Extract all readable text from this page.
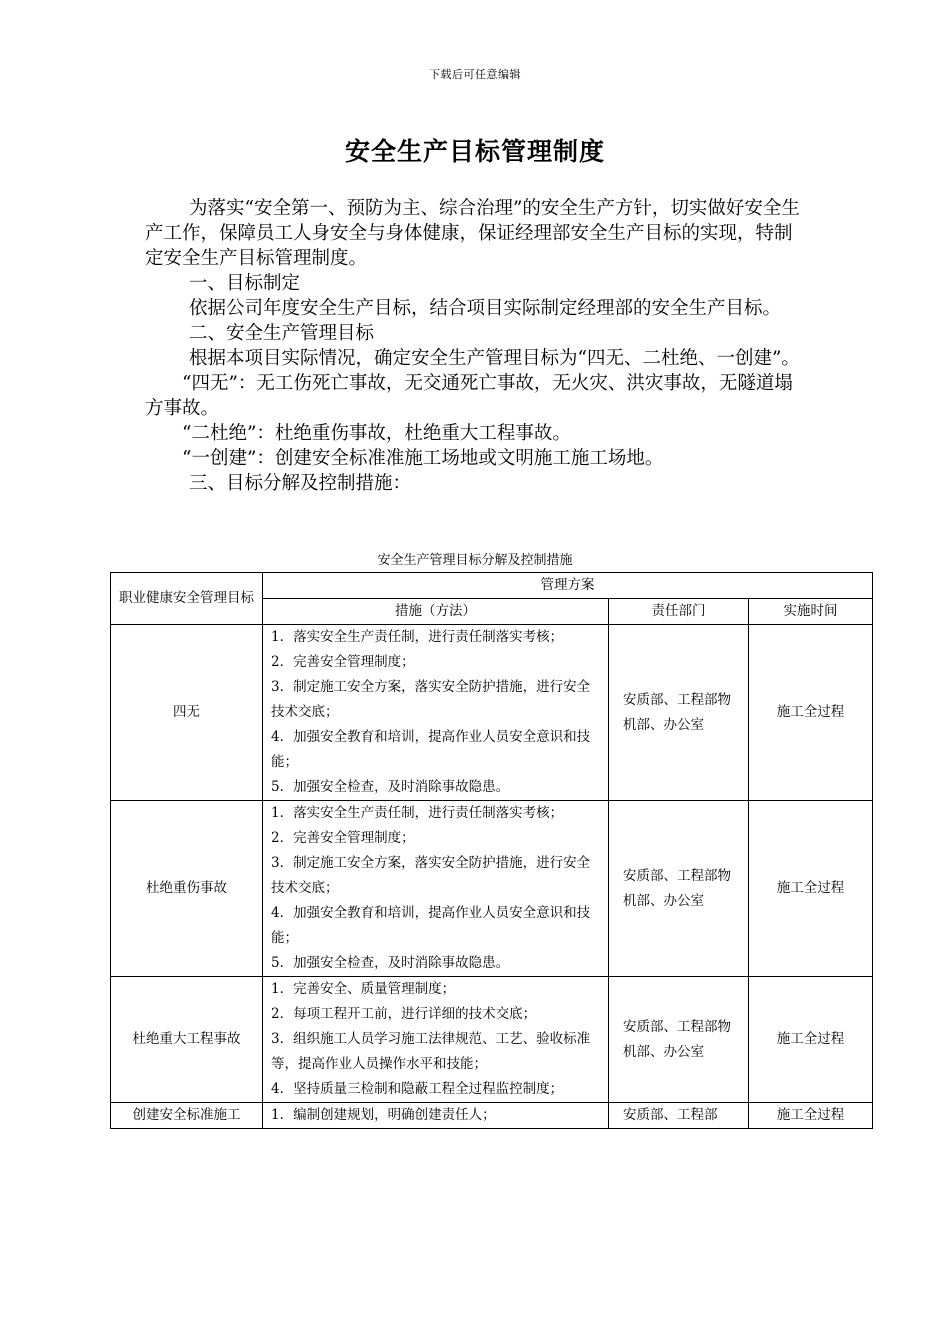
下载后可任意编辑
安全生产目标管理制度

为落实“安全第一、预防为主、综合治理”的安全生产方针，切实做好安全生产工作，保障员工人身安全与身体健康，保证经理部安全生产目标的实现，特制定安全生产目标管理制度。

一、目标制定

依据公司年度安全生产目标，结合项目实际制定经理部的安全生产目标。

二、安全生产管理目标

根据本项目实际情况，确定安全生产管理目标为“四无、二杜绝、一创建”。

“四无”：无工伤死亡事故，无交通死亡事故，无火灾、洪灾事故，无隧道塌方事故。

“二杜绝”：杜绝重伤事故，杜绝重大工程事故。

“一创建”：创建安全标准准施工场地或文明施工施工场地。

三、目标分解及控制措施：

安全生产管理目标分解及控制措施
职业健康安全管理目标	管理方案		
	措施（方法）	责任部门	实施时间
四无	1．落实安全生产责任制，进行责任制落实考核；
2．完善安全管理制度；
3．制定施工安全方案，落实安全防护措施，进行安全技术交底；
4．加强安全教育和培训，提高作业人员安全意识和技能；
5．加强安全检查，及时消除事故隐患。	安质部、工程部物机部、办公室	施工全过程
杜绝重伤事故	1．落实安全生产责任制，进行责任制落实考核；
2．完善安全管理制度；
3．制定施工安全方案，落实安全防护措施，进行安全技术交底；
4．加强安全教育和培训，提高作业人员安全意识和技能；
5．加强安全检查，及时消除事故隐患。	安质部、工程部物机部、办公室	施工全过程
杜绝重大工程事故	1．完善安全、质量管理制度；
2．每项工程开工前，进行详细的技术交底；
3．组织施工人员学习施工法律规范、工艺、验收标准等，提高作业人员操作水平和技能；
4．坚持质量三检制和隐蔽工程全过程监控制度；	安质部、工程部物机部、办公室	施工全过程
创建安全标准施工	1．编制创建规划，明确创建责任人；	安质部、工程部	施工全过程
